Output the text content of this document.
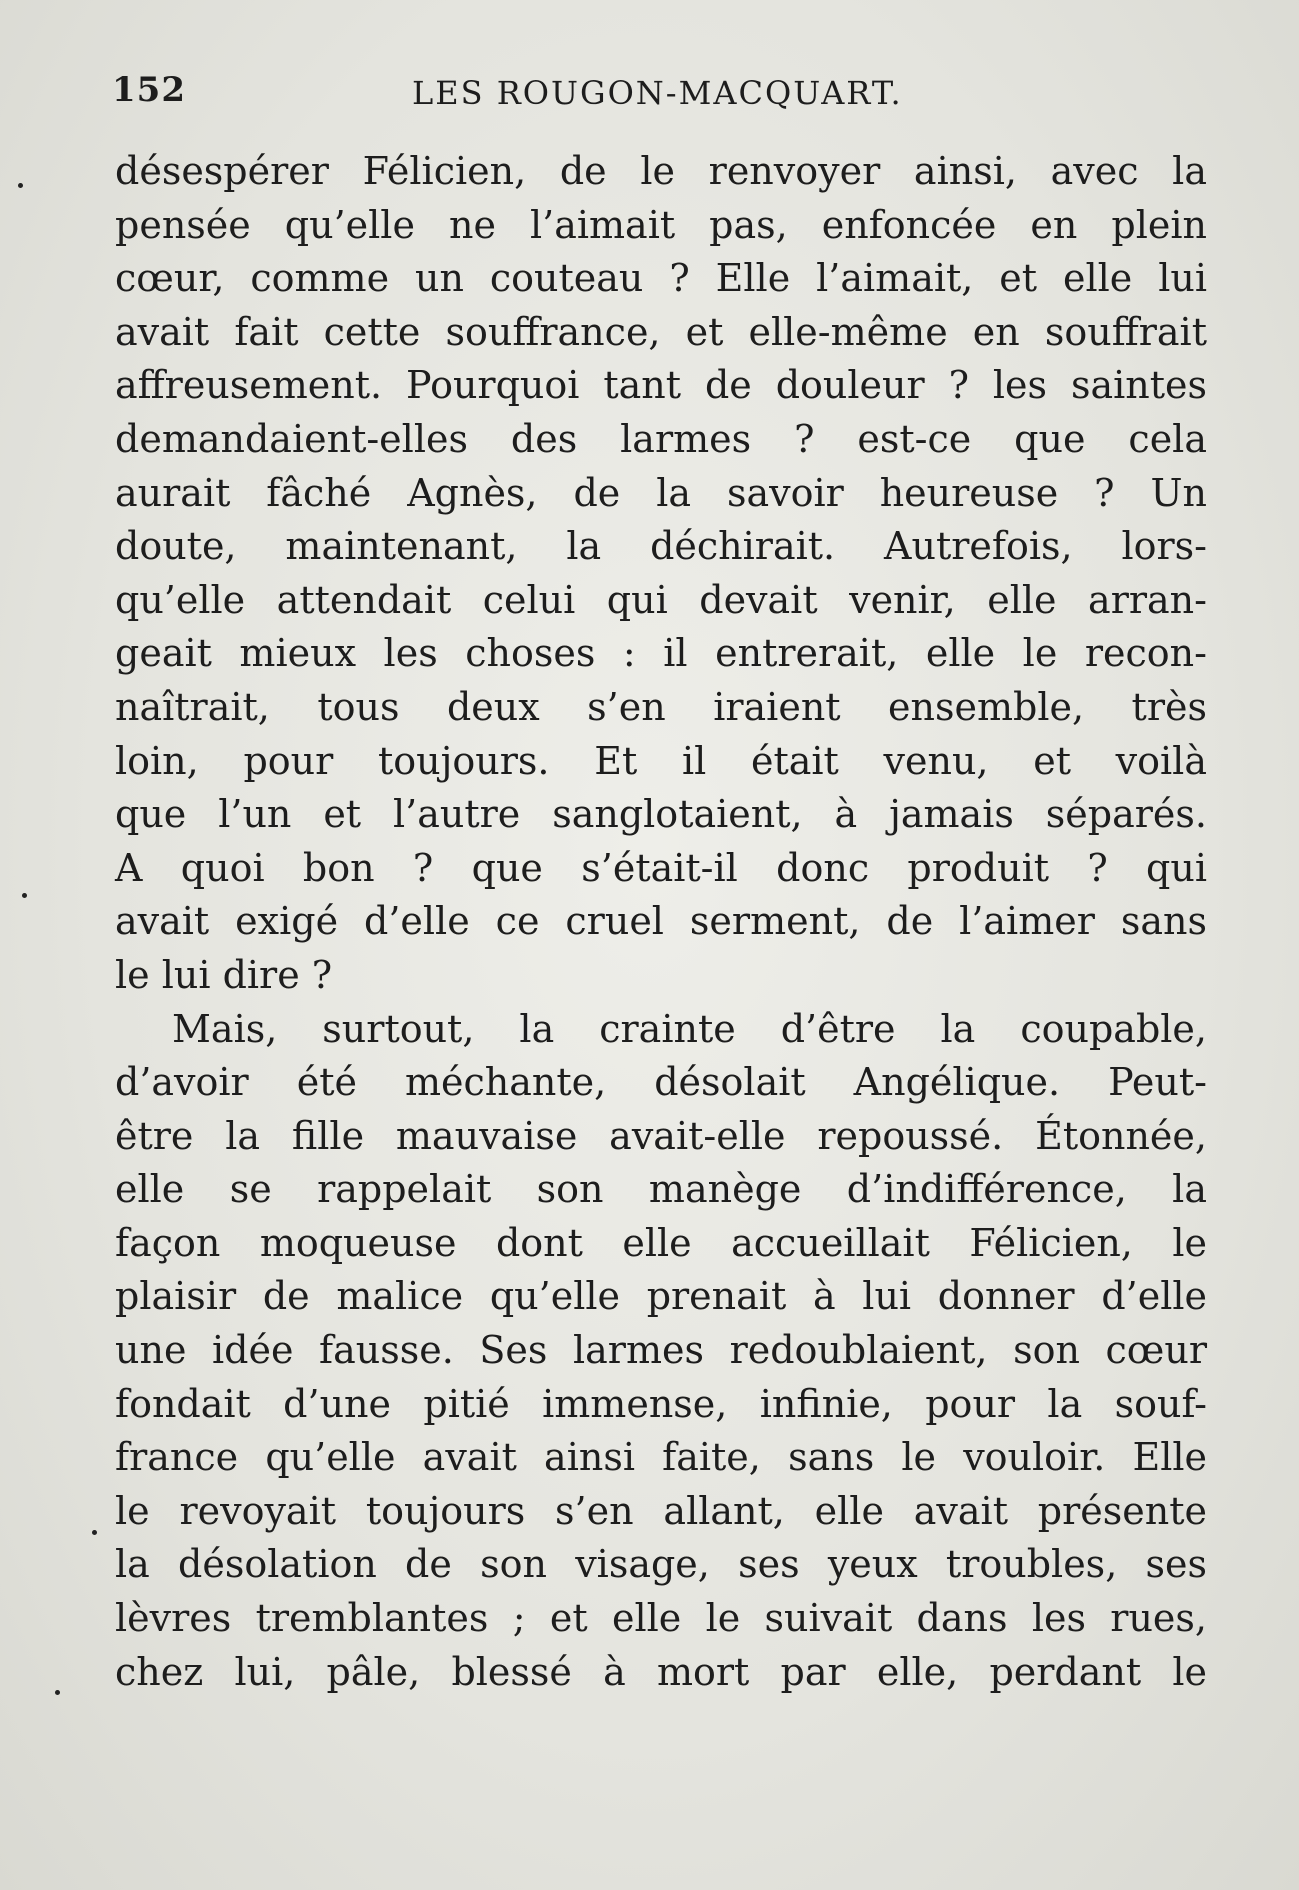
152	LES ROUGON-MACQUART.
désespérer Félicien, de le renvoyer ainsi, avec la
pensée qu’elle ne l’aimait pas, enfoncée en plein
cœur, comme un couteau ? Elle l’aimait, et elle lui
avait fait cette souffrance, et elle-même en souffrait
affreusement. Pourquoi tant de douleur ? les saintes
demandaient-elles des larmes ? est-ce que cela
aurait fâché Agnès, de la savoir heureuse ? Un
doute, maintenant, la déchirait. Autrefois, lors-
qu’elle attendait celui qui devait venir, elle arran-
geait mieux les choses : il entrerait, elle le recon-
naîtrait, tous deux s’en iraient ensemble, très
loin, pour toujours. Et il était venu, et voilà
que l’un et l’autre sanglotaient, à jamais séparés.
A quoi bon ? que s’était-il donc produit ? qui
avait exigé d’elle ce cruel serment, de l’aimer sans
le lui dire ?
Mais, surtout, la crainte d’être la coupable,
d’avoir été méchante, désolait Angélique. Peut-
être la fille mauvaise avait-elle repoussé. Étonnée,
elle se rappelait son manège d’indifférence, la
façon moqueuse dont elle accueillait Félicien, le
plaisir de malice qu’elle prenait à lui donner d’elle
une idée fausse. Ses larmes redoublaient, son cœur
fondait d’une pitié immense, infinie, pour la souf-
france qu’elle avait ainsi faite, sans le vouloir. Elle
le revoyait toujours s’en allant, elle avait présente
la désolation de son visage, ses yeux troubles, ses
lèvres tremblantes ; et elle le suivait dans les rues,
chez lui, pâle, blessé à mort par elle, perdant le
